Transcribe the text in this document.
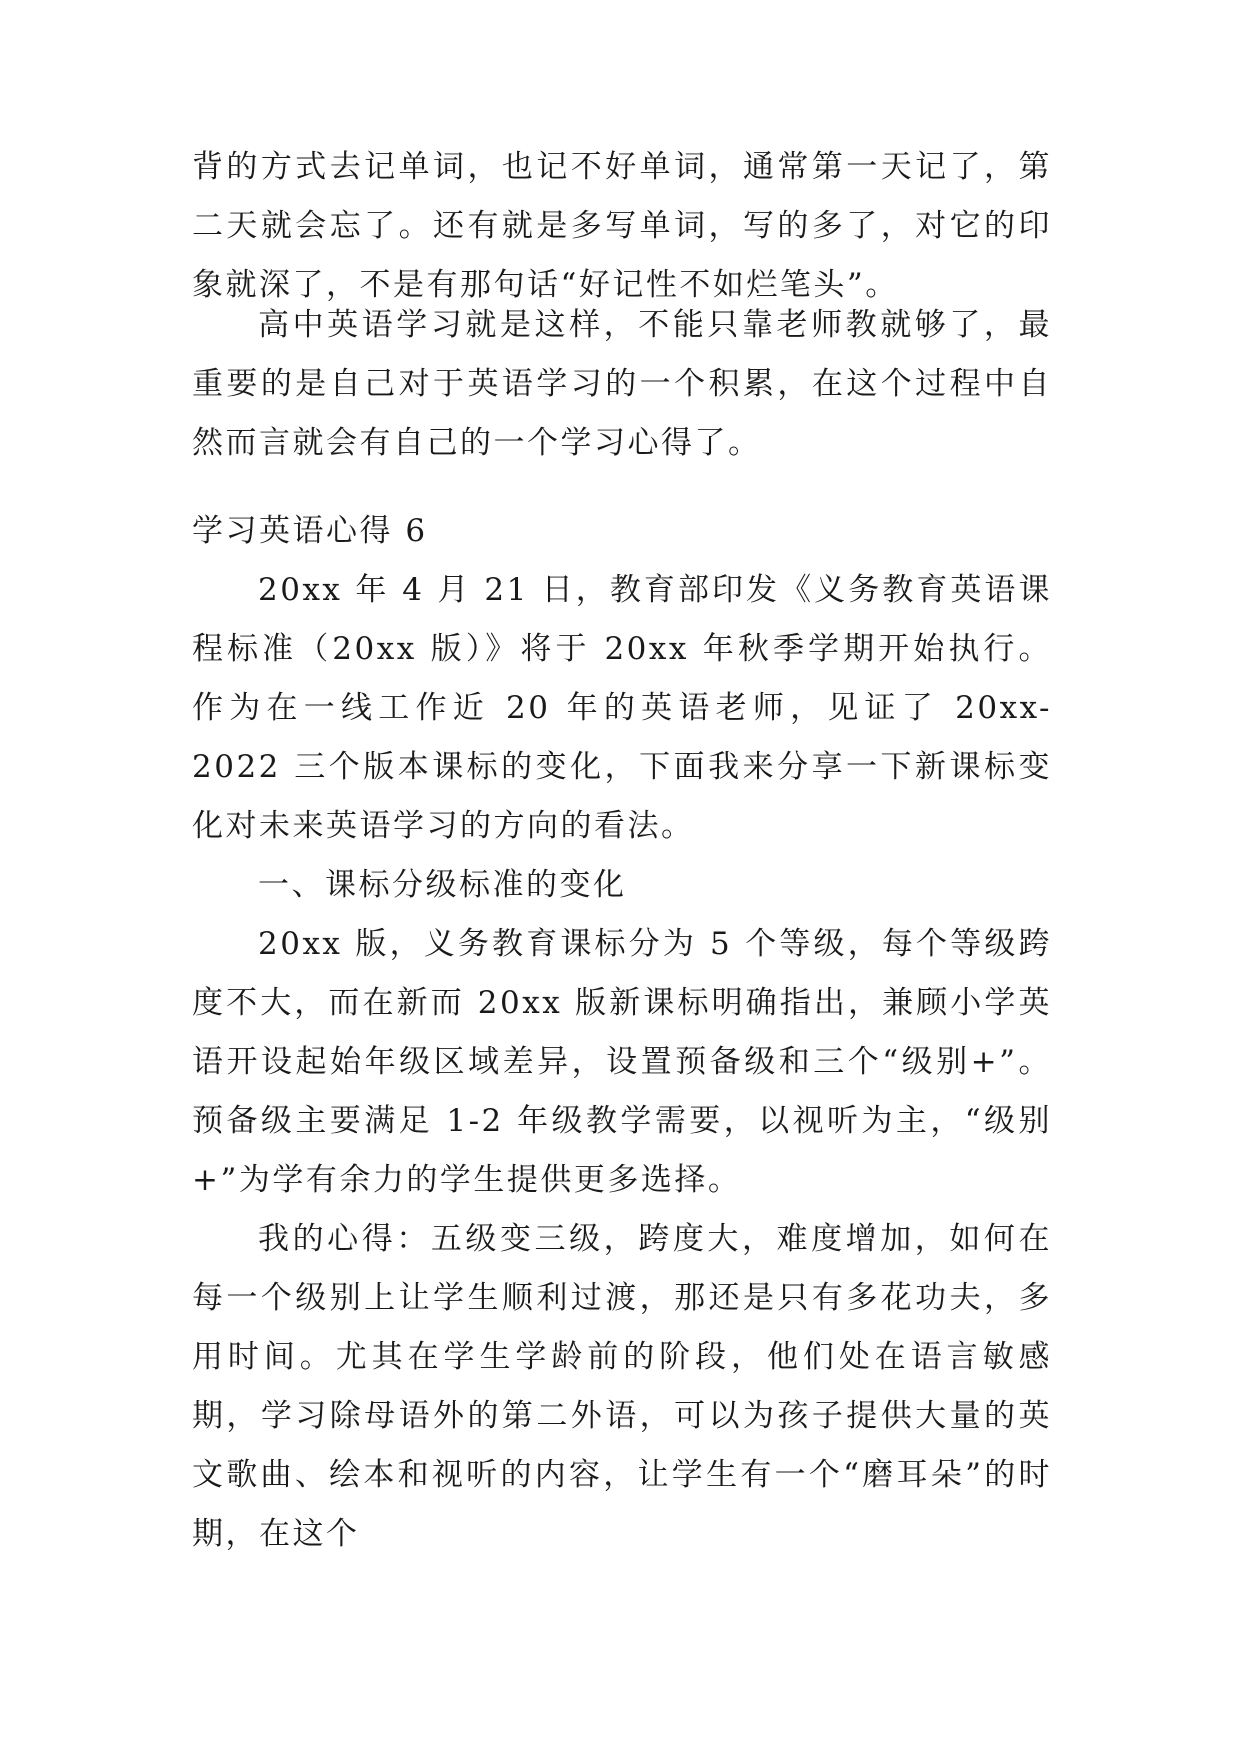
背的方式去记单词，也记不好单词，通常第一天记了，第二天就会忘了。还有就是多写单词，写的多了，对它的印象就深了，不是有那句话“好记性不如烂笔头”。

高中英语学习就是这样，不能只靠老师教就够了，最重要的是自己对于英语学习的一个积累，在这个过程中自然而言就会有自己的一个学习心得了。

学习英语心得 6

20xx 年 4 月 21 日，教育部印发《义务教育英语课程标准（20xx 版）》将于 20xx 年秋季学期开始执行。作为在一线工作近 20 年的英语老师，见证了 20xx-2022 三个版本课标的变化，下面我来分享一下新课标变化对未来英语学习的方向的看法。

一、课标分级标准的变化

20xx 版，义务教育课标分为 5 个等级，每个等级跨度不大，而在新而 20xx 版新课标明确指出，兼顾小学英语开设起始年级区域差异，设置预备级和三个“级别+”。预备级主要满足 1-2 年级教学需要，以视听为主，“级别+”为学有余力的学生提供更多选择。

我的心得：五级变三级，跨度大，难度增加，如何在每一个级别上让学生顺利过渡，那还是只有多花功夫，多用时间。尤其在学生学龄前的阶段，他们处在语言敏感期，学习除母语外的第二外语，可以为孩子提供大量的英文歌曲、绘本和视听的内容，让学生有一个“磨耳朵”的时期，在这个
